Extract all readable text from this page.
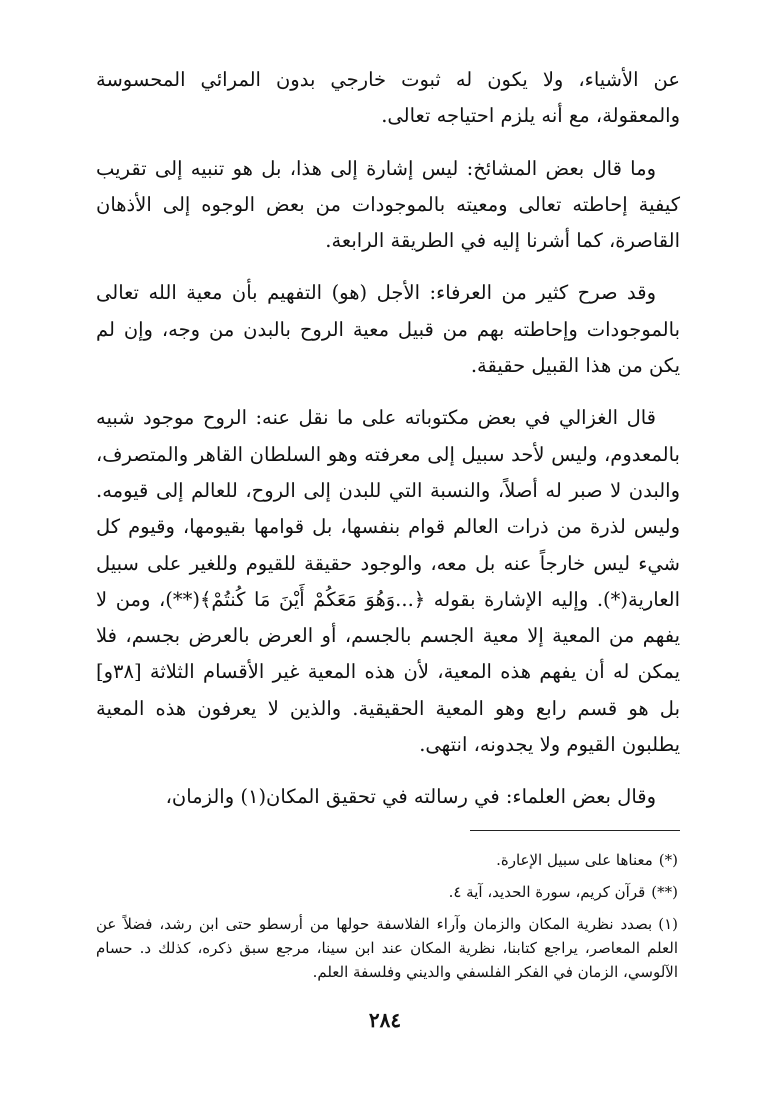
عن الأشياء، ولا يكون له ثبوت خارجي بدون المرائي المحسوسة والمعقولة، مع أنه يلزم احتياجه تعالى.

وما قال بعض المشائخ: ليس إشارة إلى هذا، بل هو تنبيه إلى تقريب كيفية إحاطته تعالى ومعيته بالموجودات من بعض الوجوه إلى الأذهان القاصرة، كما أشرنا إليه في الطريقة الرابعة.

وقد صرح كثير من العرفاء: الأجل (هو) التفهيم بأن معية الله تعالى بالموجودات وإحاطته بهم من قبيل معية الروح بالبدن من وجه، وإن لم يكن من هذا القبيل حقيقة.

قال الغزالي في بعض مكتوباته على ما نقل عنه: الروح موجود شبيه بالمعدوم، وليس لأحد سبيل إلى معرفته وهو السلطان القاهر والمتصرف، والبدن لا صبر له أصلاً، والنسبة التي للبدن إلى الروح، للعالم إلى قيومه. وليس لذرة من ذرات العالم قوام بنفسها، بل قوامها بقيومها، وقيوم كل شيء ليس خارجاً عنه بل معه، والوجود حقيقة للقيوم وللغير على سبيل العارية(*). وإليه الإشارة بقوله ﴿...وَهُوَ مَعَكُمْ أَيْنَ مَا كُنتُمْ﴾(**)، ومن لا يفهم من المعية إلا معية الجسم بالجسم، أو العرض بالعرض بجسم، فلا يمكن له أن يفهم هذه المعية، لأن هذه المعية غير الأقسام الثلاثة [٣٨و] بل هو قسم رابع وهو المعية الحقيقية. والذين لا يعرفون هذه المعية يطلبون القيوم ولا يجدونه، انتهى.

وقال بعض العلماء: في رسالته في تحقيق المكان(١) والزمان،

(*)معناها على سبيل الإعارة.

(**)قرآن كريم، سورة الحديد، آية ٤.

(١)بصدد نظرية المكان والزمان وآراء الفلاسفة حولها من أرسطو حتى ابن رشد، فضلاً عن العلم المعاصر، يراجع كتابنا، نظرية المكان عند ابن سينا، مرجع سبق ذكره، كذلك د. حسام الآلوسي، الزمان في الفكر الفلسفي والديني وفلسفة العلم.

٢٨٤
